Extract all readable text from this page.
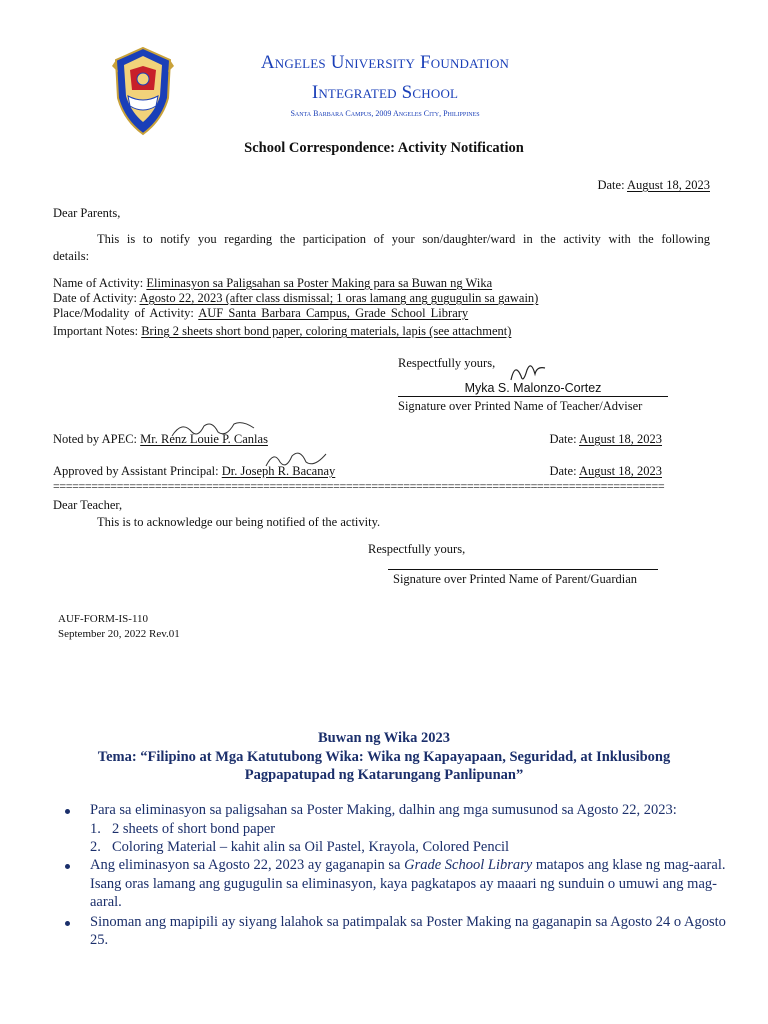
Angeles University Foundation
Integrated School
Santa Barbara Campus, 2009 Angeles City, Philippines
School Correspondence: Activity Notification
Date: August 18, 2023
Dear Parents,
This is to notify you regarding the participation of your son/daughter/ward in the activity with the following
details:
Name of Activity: Eliminasyon sa Paligsahan sa Poster Making para sa Buwan ng Wika
Date of Activity: Agosto 22, 2023 (after class dismissal; 1 oras lamang ang gugugulin sa gawain)
Place/Modality of Activity: AUF Santa Barbara Campus, Grade School Library
Important Notes: Bring 2 sheets short bond paper, coloring materials, lapis (see attachment)
Respectfully yours,
Myka S. Malonzo-Cortez
Signature over Printed Name of Teacher/Adviser
Noted by APEC: Mr. Renz Louie P. Canlas	Date: August 18, 2023
Approved by Assistant Principal: Dr. Joseph R. Bacanay	Date: August 18, 2023
================================================================================================
Dear Teacher,
This is to acknowledge our being notified of the activity.
Respectfully yours,
Signature over Printed Name of Parent/Guardian
AUF-FORM-IS-110
September 20, 2022 Rev.01
Buwan ng Wika 2023
Tema: “Filipino at Mga Katutubong Wika: Wika ng Kapayapaan, Seguridad, at Inklusibong
Pagpapatupad ng Katarungang Panlipunan”
Para sa eliminasyon sa paligsahan sa Poster Making, dalhin ang mga sumusunod sa Agosto 22, 2023:
1. 2 sheets of short bond paper
2. Coloring Material – kahit alin sa Oil Pastel, Krayola, Colored Pencil
Ang eliminasyon sa Agosto 22, 2023 ay gaganapin sa Grade School Library matapos ang klase ng mag-aaral.
Isang oras lamang ang gugugulin sa eliminasyon, kaya pagkatapos ay maaari ng sunduin o umuwi ang mag-
aaral.
Sinoman ang mapipili ay siyang lalahok sa patimpalak sa Poster Making na gaganapin sa Agosto 24 o Agosto
25.
